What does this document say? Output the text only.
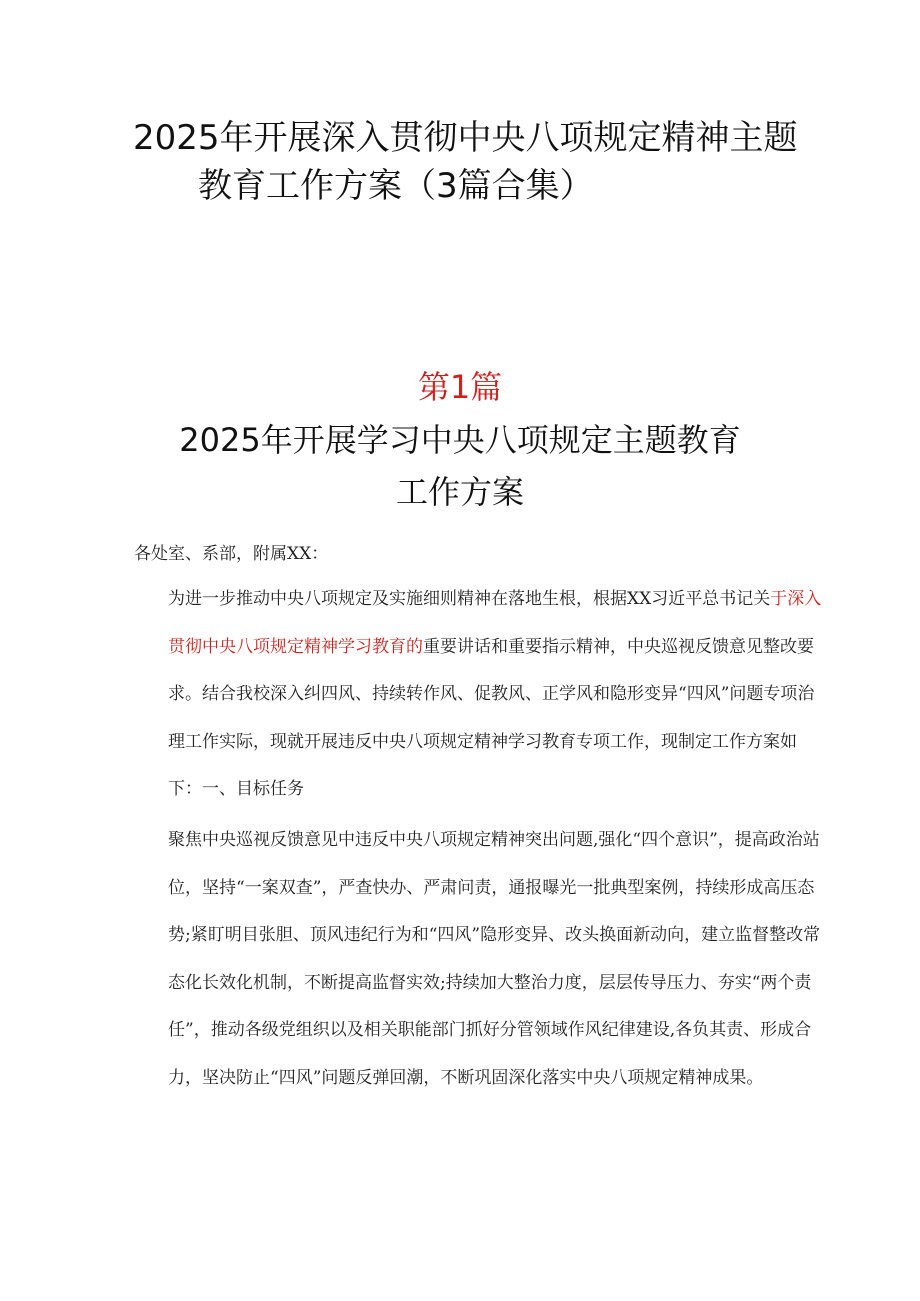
2025年开展深入贯彻中央八项规定精神主题
教育工作方案（3篇合集）
第1篇
2025年开展学习中央八项规定主题教育
工作方案
各处室、系部，附属XX：

为进一步推动中央八项规定及实施细则精神在落地生根，根据XX习近平总书记关于深入贯彻中央八项规定精神学习教育的重要讲话和重要指示精神，中央巡视反馈意见整改要求。结合我校深入纠四风、持续转作风、促教风、正学风和隐形变异“四风”问题专项治理工作实际，现就开展违反中央八项规定精神学习教育专项工作，现制定工作方案如下：一、目标任务

聚焦中央巡视反馈意见中违反中央八项规定精神突出问题,强化“四个意识”，提高政治站位，坚持“一案双查”，严查快办、严肃问责，通报曝光一批典型案例，持续形成高压态势;紧盯明目张胆、顶风违纪行为和“四风”隐形变异、改头换面新动向，建立监督整改常态化长效化机制，不断提高监督实效;持续加大整治力度，层层传导压力、夯实“两个责任”，推动各级党组织以及相关职能部门抓好分管领域作风纪律建设,各负其责、形成合力，坚决防止“四风”问题反弹回潮，不断巩固深化落实中央八项规定精神成果。
